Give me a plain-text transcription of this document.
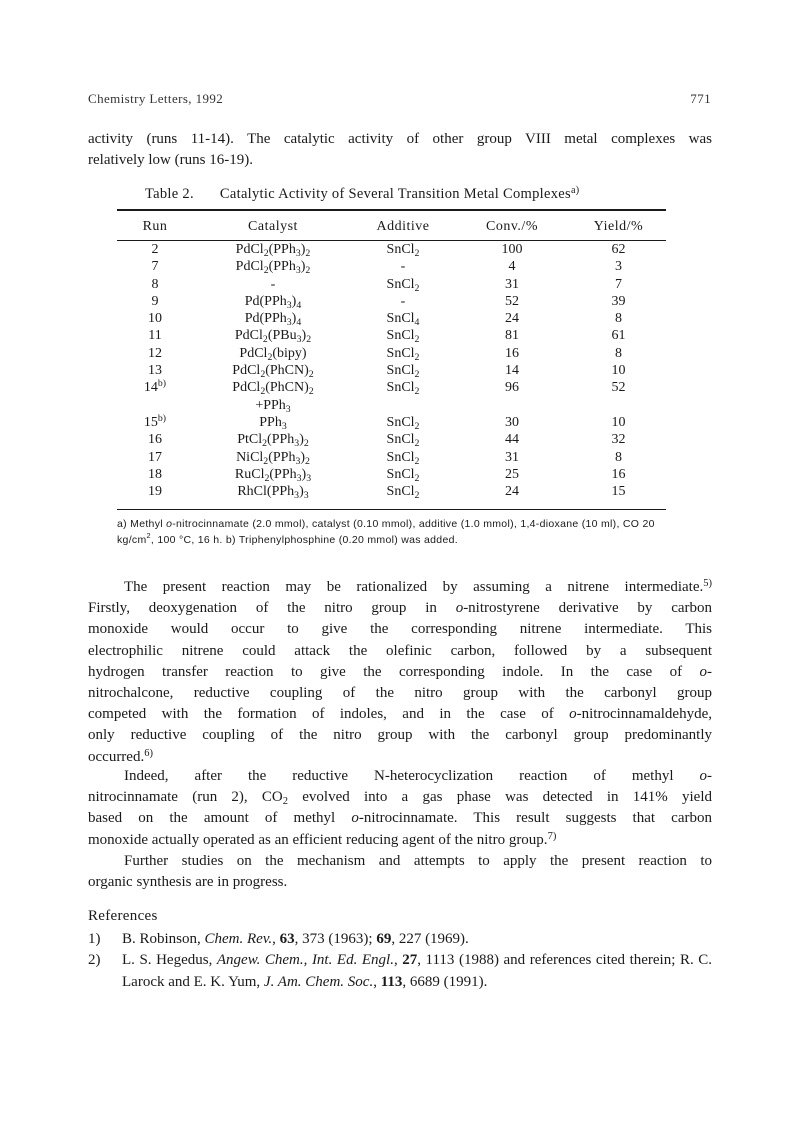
Chemistry Letters, 1992	771
activity (runs 11-14). The catalytic activity of other group VIII metal complexes was
relatively low (runs 16-19).
Table 2. Catalytic Activity of Several Transition Metal Complexes$^{a)}$
Run	Catalyst	Additive	Conv./%	Yield/%
2	$PdCl_2(PPh_3)_2$	SnCl$_2$	100	62
7	$PdCl_2(PPh_3)_2$	-	4	3
8	-	SnCl$_2$	31	7
9	$Pd(PPh_3)_4$	-	52	39
10	$Pd(PPh_3)_4$	SnCl$_4$	24	8
11	$PdCl_2(PBu_3)_2$	SnCl$_2$	81	61
12	PdCl$_2$(bipy)	SnCl$_2$	16	8
13	$PdCl_2(PhCN)_2$	SnCl$_2$	14	10
14$^{b)}$	$PdCl_2(PhCN)_2$	SnCl$_2$	96	52
	+PPh$_3$			
15$^{b)}$	PPh$_3$	SnCl$_2$	30	10
16	$PtCl_2(PPh_3)_2$	SnCl$_2$	44	32
17	$NiCl_2(PPh_3)_2$	SnCl$_2$	31	8
18	$RuCl_2(PPh_3)_3$	SnCl$_2$	25	16
19	$RhCl(PPh_3)_3$	SnCl$_2$	24	15
a) Methyl o-nitrocinnamate (2.0 mmol), catalyst (0.10 mmol), additive (1.0 mmol), 1,4-dioxane (10 ml), CO 20 $kg/cm^2$, 100 °C, 16 h. b) Triphenylphosphine (0.20 mmol) was added.
The present reaction may be rationalized by assuming a nitrene intermediate.$^{5)}$
Firstly, deoxygenation of the nitro group in o-nitrostyrene derivative by carbon
monoxide would occur to give the corresponding nitrene intermediate. This
electrophilic nitrene could attack the olefinic carbon, followed by a subsequent
hydrogen transfer reaction to give the corresponding indole. In the case of o-
nitrochalcone, reductive coupling of the nitro group with the carbonyl group
competed with the formation of indoles, and in the case of o-nitrocinnamaldehyde,
only reductive coupling of the nitro group with the carbonyl group predominantly
occurred.$^{6)}$
Indeed, after the reductive N-heterocyclization reaction of methyl o-
nitrocinnamate (run 2), $CO_2$ evolved into a gas phase was detected in 141% yield
based on the amount of methyl o-nitrocinnamate. This result suggests that carbon
monoxide actually operated as an efficient reducing agent of the nitro group.$^{7)}$
Further studies on the mechanism and attempts to apply the present reaction to
organic synthesis are in progress.
References
1) B. Robinson, Chem. Rev., 63, 373 (1963); 69, 227 (1969).
2) L. S. Hegedus, Angew. Chem., Int. Ed. Engl., 27, 1113 (1988) and references cited therein; R. C. Larock and E. K. Yum, J. Am. Chem. Soc., 113, 6689 (1991).
